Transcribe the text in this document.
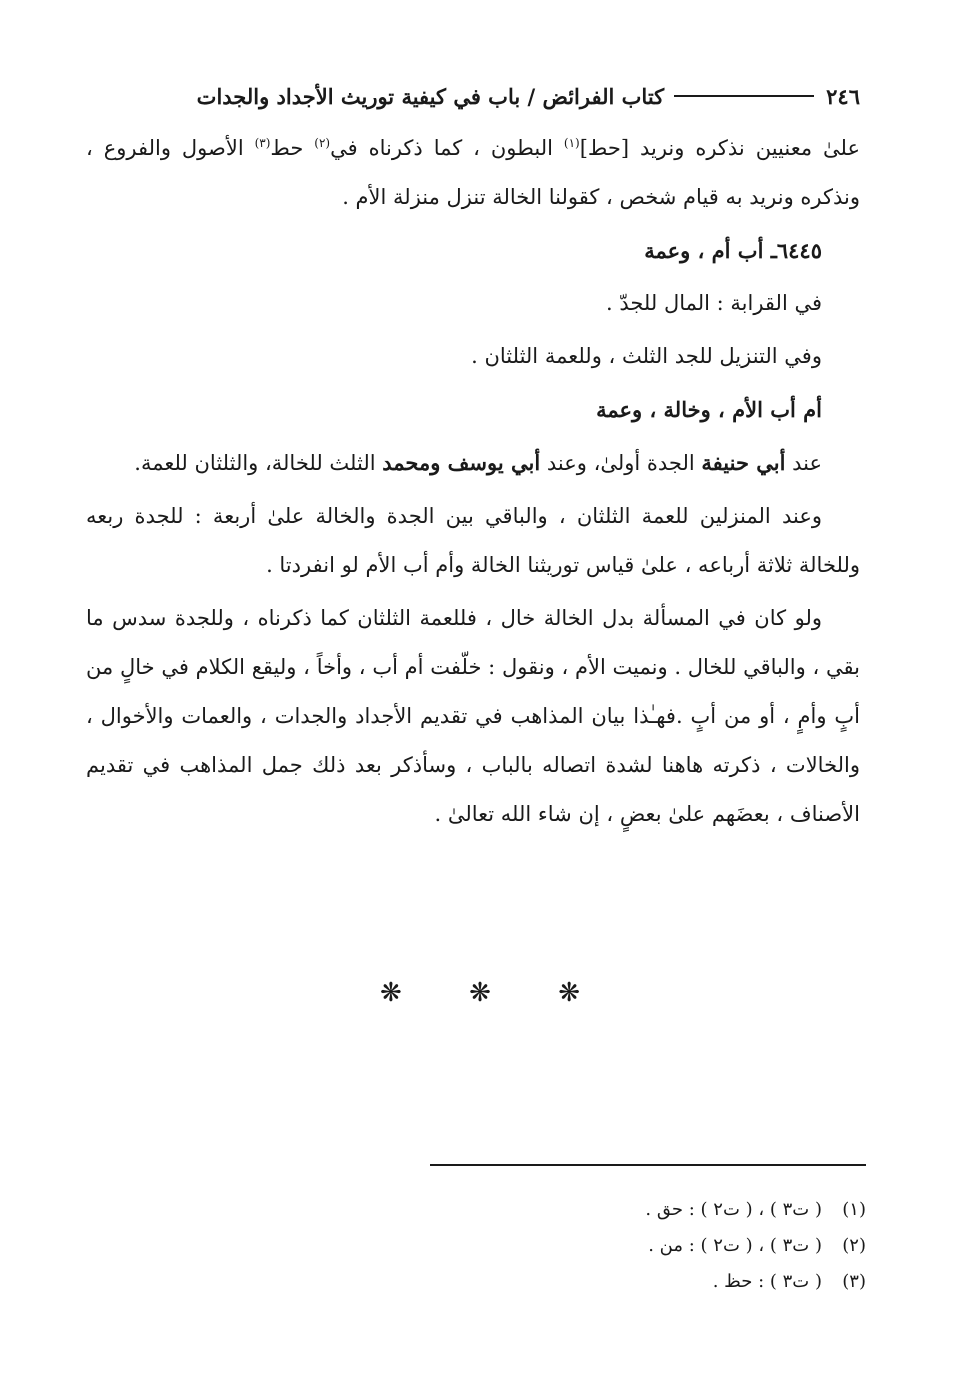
٢٤٦
كتاب الفرائض / باب في كيفية توريث الأجداد والجدات

علىٰ معنيين نذكره ونريد [حط]$^{(١)}$ البطون ، كما ذكرناه في$^{(٢)}$ حط$^{(٣)}$ الأصول والفروع ، ونذكره ونريد به قيام شخص ، كقولنا الخالة تنزل منزلة الأم .

٦٤٤٥ـ أب أم ، وعمة

في القرابة : المال للجدّ .

وفي التنزيل للجد الثلث ، وللعمة الثلثان .

أم أب الأم ، وخالة ، وعمة

عند أبي حنيفة الجدة أولىٰ، وعند أبي يوسف ومحمد الثلث للخالة، والثلثان للعمة.

وعند المنزلين للعمة الثلثان ، والباقي بين الجدة والخالة علىٰ أربعة : للجدة ربعه وللخالة ثلاثة أرباعه ، علىٰ قياس توريثنا الخالة وأم أب الأم لو انفردتا .

ولو كان في المسألة بدل الخالة خال ، فللعمة الثلثان كما ذكرناه ، وللجدة سدس ما بقي ، والباقي للخال . ونميت الأم ، ونقول : خلّفت أم أب ، وأخاً ، وليقع الكلام في خالٍ من أبٍ وأمٍ ، أو من أبٍ .فهـٰذا بيان المذاهب في تقديم الأجداد والجدات ، والعمات والأخوال ، والخالات ، ذكرته هاهنا لشدة اتصاله بالباب ، وسأذكر بعد ذلك جمل المذاهب في تقديم الأصناف ، بعضَهم علىٰ بعضٍ ، إن شاء الله تعالىٰ .

❋
❋
❋
(١)
( ت٣ ) ، ( ت٢ ) : حق .
(٢)
( ت٣ ) ، ( ت٢ ) : من .
(٣)
( ت٣ ) : حظ .
